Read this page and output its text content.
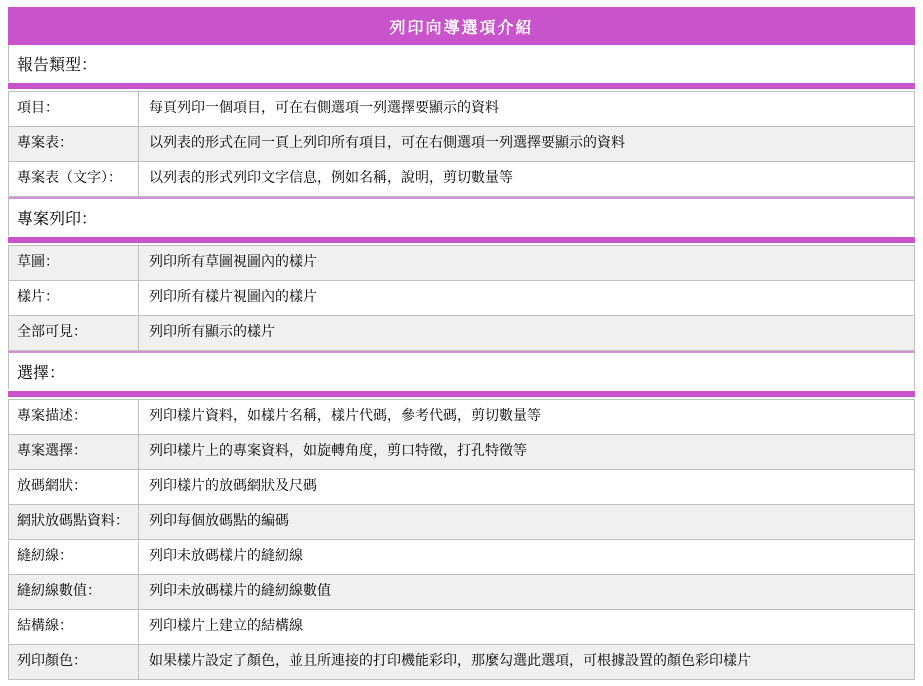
列印向導選項介紹
報告類型：
項目：	每頁列印一個項目，可在右側選項一列選擇要顯示的資料
專案表：	以列表的形式在同一頁上列印所有項目，可在右側選項一列選擇要顯示的資料
專案表（文字）：	以列表的形式列印文字信息，例如名稱，說明，剪切數量等
專案列印：
草圖：	列印所有草圖視圖內的樣片
樣片：	列印所有樣片視圖內的樣片
全部可見：	列印所有顯示的樣片
選擇：
專案描述：	列印樣片資料，如樣片名稱，樣片代碼，參考代碼，剪切數量等
專案選擇：	列印樣片上的專案資料，如旋轉角度，剪口特徵，打孔特徵等
放碼網狀：	列印樣片的放碼網狀及尺碼
網狀放碼點資料：	列印每個放碼點的編碼
縫紉線：	列印未放碼樣片的縫紉線
縫紉線數值：	列印未放碼樣片的縫紉線數值
結構線：	列印樣片上建立的結構線
列印顏色：	如果樣片設定了顏色，並且所連接的打印機能彩印，那麼勾選此選項，可根據設置的顏色彩印樣片
